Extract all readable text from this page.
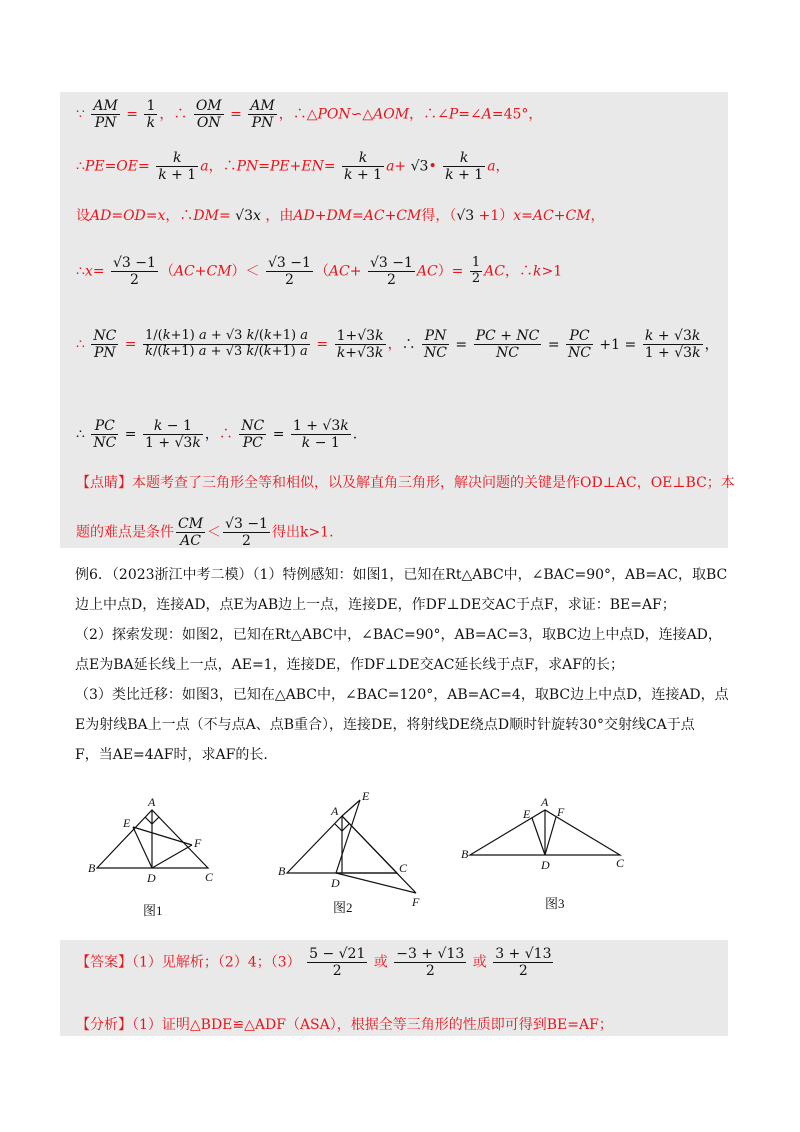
∵ $\frac{AM}{PN} = \frac{1}{k}$ ，∴ $\frac{OM}{ON} = \frac{AM}{PN}$ ，∴△PON∽△AOM，∴∠P=∠A=45°，
∴PE=OE= $\frac{k}{k + 1}$ a，∴PN=PE+EN= $\frac{k}{k + 1} a+$ √3• $\frac{k}{k + 1}$ a，
设AD=OD=x，∴DM= √3x ，由AD+DM=AC+CM得，（√3 +1）x=AC+CM，
∴x= $\frac{√3 -1}{2} (AC+CM)< \frac{√3 -1}{2} (AC+ \frac{√3 -1}{2} AC)= \frac{1}{2}$ AC，∴k>1
∴ $\frac{NC}{PN} = \frac{1/(k+1) a + √3 k/(k+1) a}{k/(k+1) a + √3 k/(k+1) a} = \frac{1+√3k}{k+√3k}$ ，∴ $\frac{PN}{NC} = \frac{PC + NC}{NC} = \frac{PC}{NC} +1 = \frac{k + √3k}{1 + √3k}$ ，
∴ $\frac{PC}{NC} = \frac{k - 1}{1 + √3k}$ ，∴ $\frac{NC}{PC} = \frac{1 + √3k}{k - 1}$ .
【点睛】本题考查了三角形全等和相似，以及解直角三角形，解决问题的关键是作OD⊥AC，OE⊥BC；本
题的难点是条件 $\frac{CM}{AC} < \frac{√3 -1}{2}$ 得出k>1.
例6．（2023浙江中考二模）（1）特例感知：如图1，已知在Rt△ABC中，∠BAC=90°，AB=AC，取BC
边上中点D，连接AD，点E为AB边上一点，连接DE，作DF⊥DE交AC于点F，求证：BE=AF；
（2）探索发现：如图2，已知在Rt△ABC中，∠BAC=90°，AB=AC=3，取BC边上中点D，连接AD，
点E为BA延长线上一点，AE=1，连接DE，作DF⊥DE交AC延长线于点F，求AF的长；
（3）类比迁移：如图3，已知在△ABC中，∠BAC=120°，AB=AC=4，取BC边上中点D，连接AD，点
E为射线BA上一点（不与点A、点B重合），连接DE，将射线DE绕点D顺时针旋转30°交射线CA于点
F，当AE=4AF时，求AF的长.
A
B
C
D
E
F
A
B	C
D
E
F
A
B
C
D
E F
图1	图2	图3
【答案】（1）见解析；（2）4；$(3) \frac{5 - √21}{2}$ 或 $\frac{-3 + √13}{2}$ 或 $\frac{3 + √13}{2}$
【分析】（1）证明△BDE≌△ADF（ASA），根据全等三角形的性质即可得到BE=AF；
